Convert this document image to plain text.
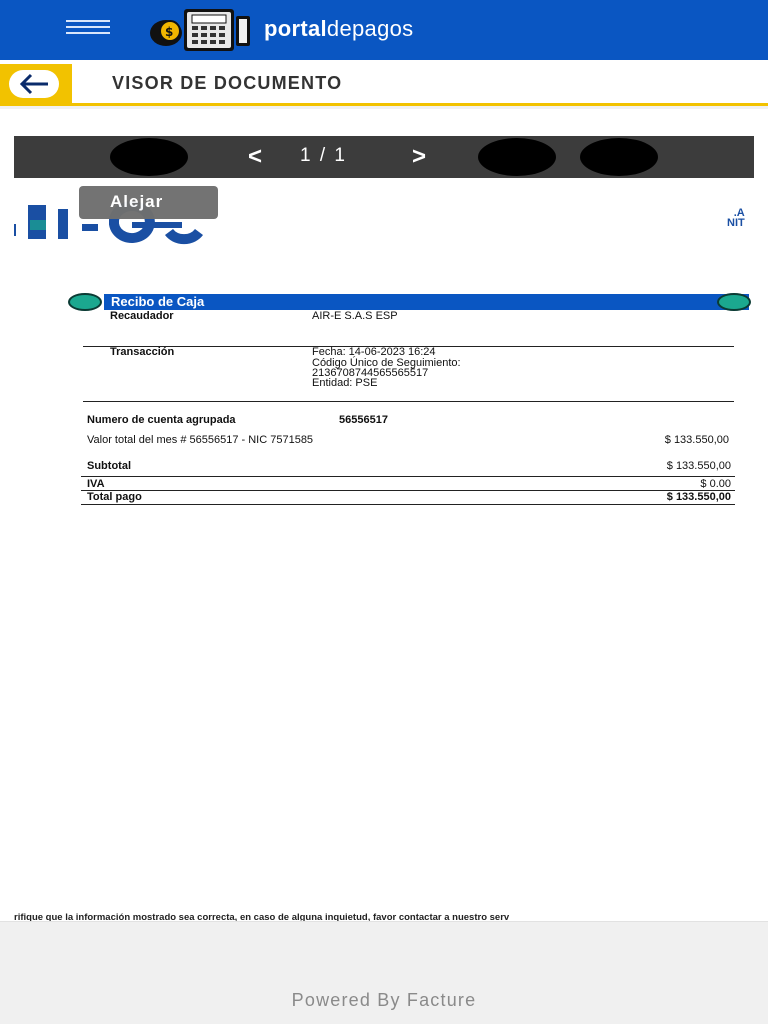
$	portaldepagos
VISOR DE DOCUMENTO
< 1 / 1	>
.A
NIT
Alejar
Recibo de Caja
Recaudador	AIR-E S.A.S ESP
Transacción	Fecha: 14-06-2023 16:24
Código Único de Seguimiento:
2136708744565565517
Entidad: PSE
Numero de cuenta agrupada	56556517
Valor total del mes # 56556517 - NIC 7571585	$ 133.550,00
Subtotal	$ 133.550,00
IVA	$ 0.00
Total pago	$ 133.550,00
rifique que la información mostrado sea correcta, en caso de alguna inquietud, favor contactar a nuestro serv
Powered By Facture
